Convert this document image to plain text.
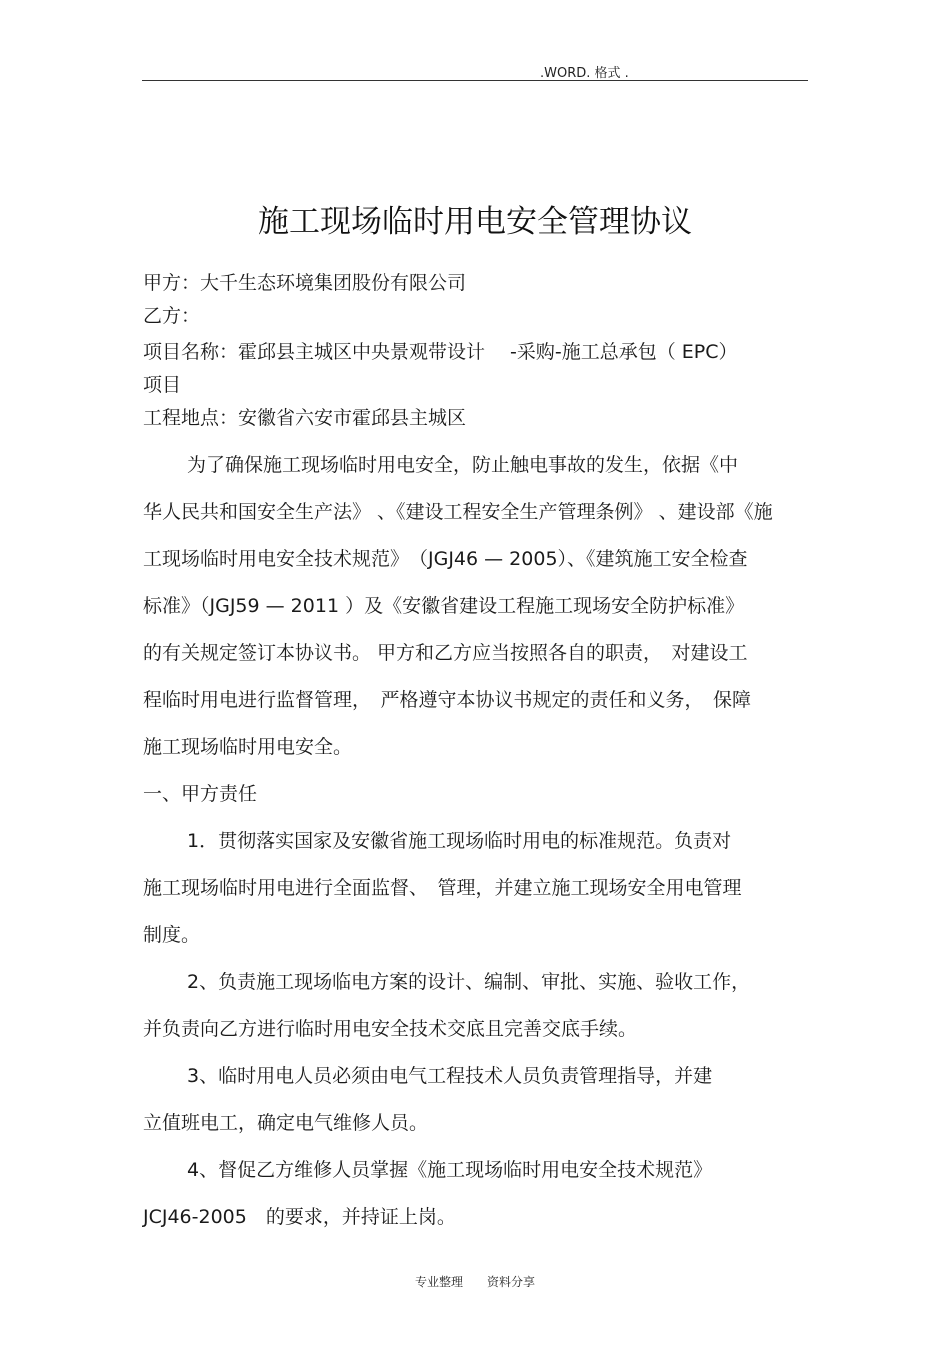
.WORD. 格式 .
施工现场临时用电安全管理协议
甲方：大千生态环境集团股份有限公司
乙方：
项目名称：霍邱县主城区中央景观带设计　 -采购-施工总承包（ EPC）
项目
工程地点：安徽省六安市霍邱县主城区
为了确保施工现场临时用电安全，防止触电事故的发生，依据《中
华人民共和国安全生产法》 、《建设工程安全生产管理条例》 、建设部《施
工现场临时用电安全技术规范》　（JGJ46 — 2005）、《建筑施工安全检查
标准》（JGJ59 — 2011 ）及《安徽省建设工程施工现场安全防护标准》
的有关规定签订本协议书。 甲方和乙方应当按照各自的职责，　对建设工
程临时用电进行监督管理，　严格遵守本协议书规定的责任和义务，　保障
施工现场临时用电安全。
一、甲方责任
1．贯彻落实国家及安徽省施工现场临时用电的标准规范。负责对
施工现场临时用电进行全面监督、　管理，并建立施工现场安全用电管理
制度。
2、负责施工现场临电方案的设计、编制、审批、实施、验收工作，
并负责向乙方进行临时用电安全技术交底且完善交底手续。
3、临时用电人员必须由电气工程技术人员负责管理指导，并建
立值班电工，确定电气维修人员。
4、督促乙方维修人员掌握《施工现场临时用电安全技术规范》
JCJ46-2005　的要求，并持证上岗。
专业整理　　资料分享
